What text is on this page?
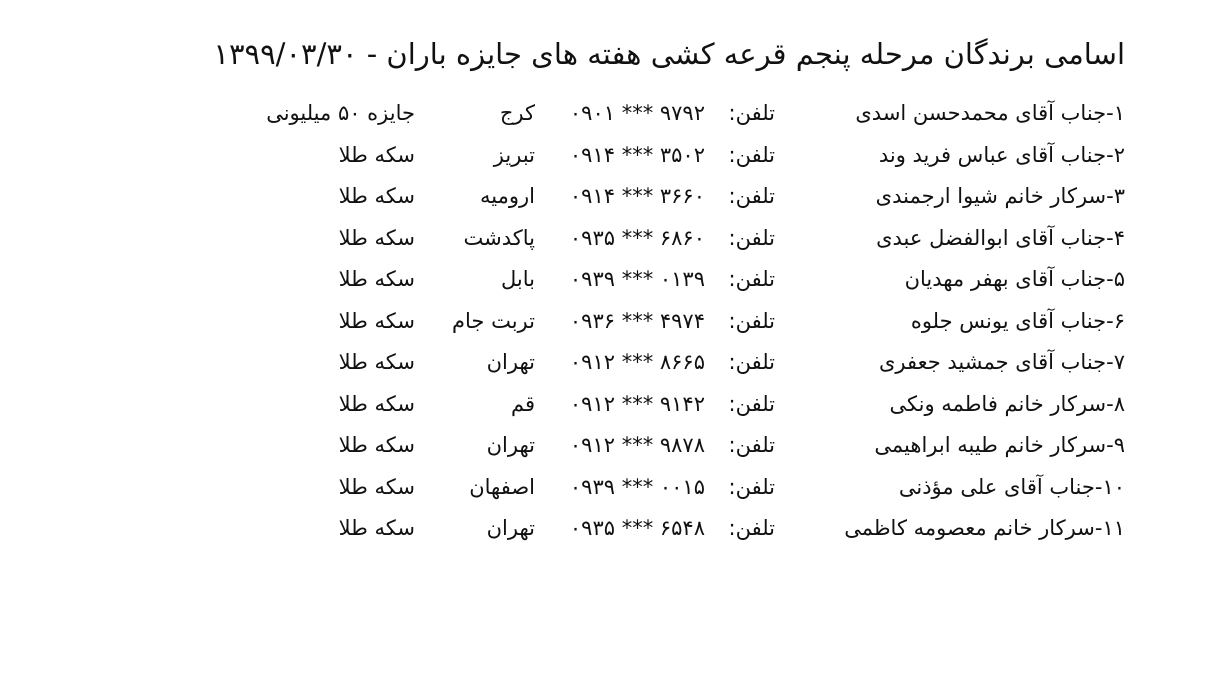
اسامی برندگان مرحله پنجم قرعه کشی هفته های جایزه باران - ۱۳۹۹/۰۳/۳۰
۱-جناب آقای محمدحسن اسدی
تلفن:
۰۹۰۱ *** ۹۷۹۲
کرج
جایزه ۵۰ میلیونی
۲-جناب آقای عباس فرید وند
تلفن:
۰۹۱۴ *** ۳۵۰۲
تبریز
سکه طلا
۳-سرکار خانم شیوا ارجمندی
تلفن:
۰۹۱۴ *** ۳۶۶۰
ارومیه
سکه طلا
۴-جناب آقای ابوالفضل عبدی
تلفن:
۰۹۳۵ *** ۶۸۶۰
پاکدشت
سکه طلا
۵-جناب آقای بهفر مهدیان
تلفن:
۰۹۳۹ *** ۰۱۳۹
بابل
سکه طلا
۶-جناب آقای یونس جلوه
تلفن:
۰۹۳۶ *** ۴۹۷۴
تربت جام
سکه طلا
۷-جناب آقای جمشید جعفری
تلفن:
۰۹۱۲ *** ۸۶۶۵
تهران
سکه طلا
۸-سرکار خانم فاطمه ونکی
تلفن:
۰۹۱۲ *** ۹۱۴۲
قم
سکه طلا
۹-سرکار خانم طیبه ابراهیمی
تلفن:
۰۹۱۲ *** ۹۸۷۸
تهران
سکه طلا
۱۰-جناب آقای علی مؤذنی
تلفن:
۰۹۳۹ *** ۰۰۱۵
اصفهان
سکه طلا
۱۱-سرکار خانم معصومه کاظمی
تلفن:
۰۹۳۵ *** ۶۵۴۸
تهران
سکه طلا
